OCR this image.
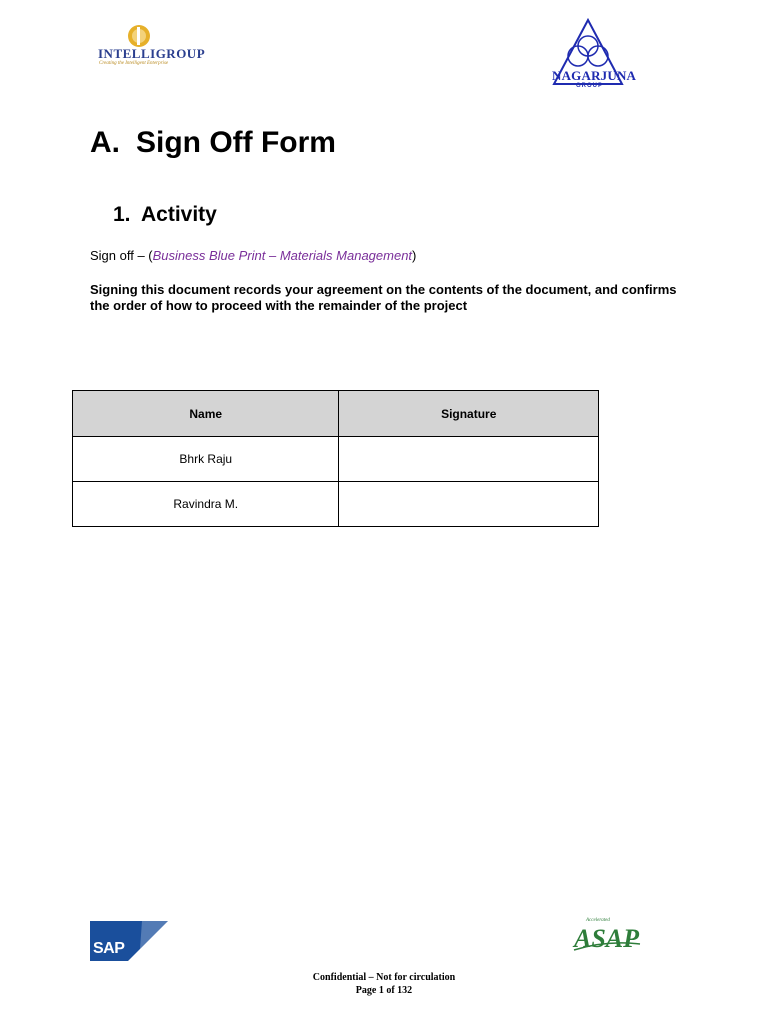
INTELLIGROUP
Creating the Intelligent Enterprise
NAGARJUNA
GROUP
A. Sign Off Form
1. Activity
Sign off – (Business Blue Print – Materials Management)
Signing this document records your agreement on the contents of the document, and confirms the order of how to proceed with the remainder of the project
Name	Signature
Bhrk Raju	
Ravindra M.	
SAP
Accelerated
ASAP
Confidential – Not for circulation
Page 1 of 132
